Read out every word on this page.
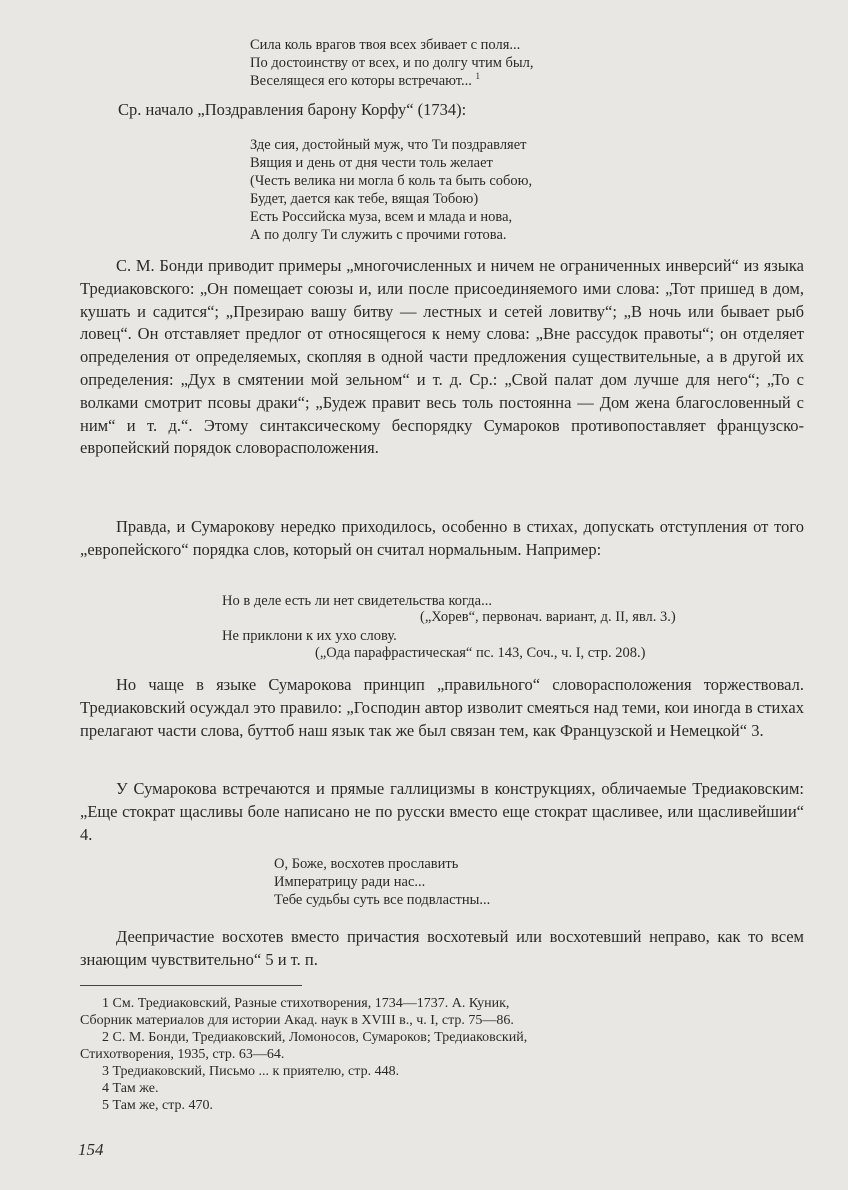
Сила коль врагов твоя всех збивает с поля...
По достоинству от всех, и по долгу чтим был,
Веселящеся его которы встречают... $^1$
Ср. начало „Поздравления барону Корфу“ (1734):
Зде сия, достойный муж, что Ти поздравляет
Вящия и день от дня чести толь желает
(Честь велика ни могла б коль та быть собою,
Будет, дается как тебе, вящая Тобою)
Есть Российска муза, всем и млада и нова,
А по долгу Ти служить с прочими готова.

С. М. Бонди приводит примеры „многочисленных и ничем не ограниченных инверсий“ из языка Тредиаковского: „Он помещает союзы и, или после присоединяемого ими слова: „Тот пришед в дом, кушать и садится“; „Презираю вашу битву — лестных и сетей ловитву“; „В ночь или бывает рыб ловец“. Он отставляет предлог от относящегося к нему слова: „Вне рассудок правоты“; он отделяет определения от определяемых, скопляя в одной части предложения существительные, а в другой их определения: „Дух в смятении мой зельном“ и т. д. Ср.: „Свой палат дом лучше для него“; „То с волками смотрит псовы драки“; „Будеж правит весь толь постоянна — Дом жена благословенный с ним“ и т. д.“. Этому синтаксическому беспорядку Сумароков противопоставляет французско-европейский порядок словорасположения.

Правда, и Сумарокову нередко приходилось, особенно в стихах, допускать отступления от того „европейского“ порядка слов, который он считал нормальным. Например:

Но в деле есть ли нет свидетельства когда...
(„Хорев“, первонач. вариант, д. II, явл. 3.)
Не приклони к их ухо слову.
(„Ода парафрастическая“ пс. 143, Соч., ч. I, стр. 208.)

Но чаще в языке Сумарокова принцип „правильного“ словорасположения торжествовал. Тредиаковский осуждал это правило: „Господин автор изволит смеяться над теми, кои иногда в стихах прелагают части слова, буттоб наш язык так же был связан тем, как Французской и Немецкой“ 3.

У Сумарокова встречаются и прямые галлицизмы в конструкциях, обличаемые Тредиаковским: „Еще стократ щасливы боле написано не по русски вместо еще стократ щасливее, или щасливейшии“ 4.

О, Боже, восхотев прославить
Императрицу ради нас...
Тебе судьбы суть все подвластны...

Деепричастие восхотев вместо причастия восхотевый или восхотевший неправо, как то всем знающим чувствительно“ 5 и т. п.

1 См. Тредиаковский, Разные стихотворения, 1734—1737. А. Куник,
Сборник материалов для истории Акад. наук в XVIII в., ч. I, стр. 75—86.
2 С. М. Бонди, Тредиаковский, Ломоносов, Сумароков; Тредиаковский,
Стихотворения, 1935, стр. 63—64.
3 Тредиаковский, Письмо ... к приятелю, стр. 448.
4 Там же.
5 Там же, стр. 470.
154
